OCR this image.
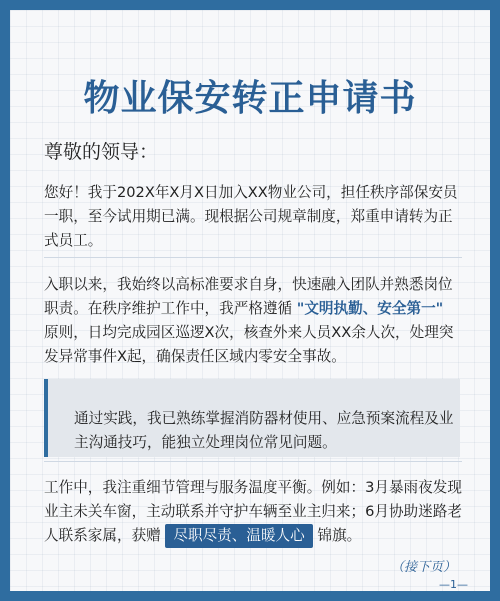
物业保安转正申请书

尊敬的领导：

您好！我于202X年X月X日加入XX物业公司，担任秩序部保安员一职，至今试用期已满。现根据公司规章制度，郑重申请转为正式员工。

入职以来，我始终以高标准要求自身，快速融入团队并熟悉岗位职责。在秩序维护工作中，我严格遵循 "文明执勤、安全第一" 原则，日均完成园区巡逻X次，核查外来人员XX余人次，处理突发异常事件X起，确保责任区域内零安全事故。

通过实践，我已熟练掌握消防器材使用、应急预案流程及业主沟通技巧，能独立处理岗位常见问题。

工作中，我注重细节管理与服务温度平衡。例如：3月暴雨夜发现业主未关车窗，主动联系并守护车辆至业主归来；6月协助迷路老人联系家属，获赠 尽职尽责、温暖人心 锦旗。

（接下页）
—1—
